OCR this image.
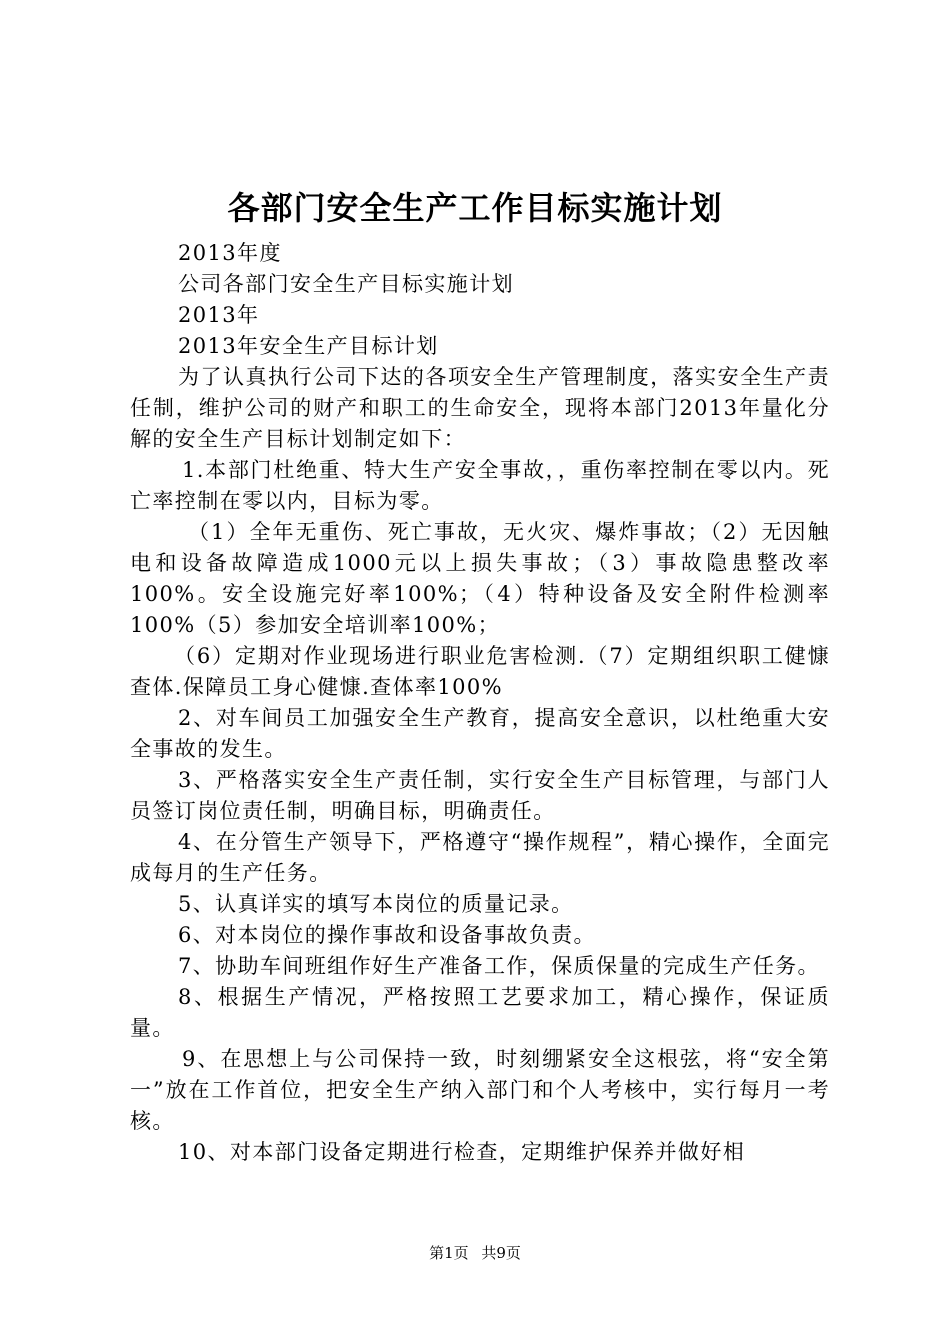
各部门安全生产工作目标实施计划

2013年度

公司各部门安全生产目标实施计划

2013年

2013年安全生产目标计划

为了认真执行公司下达的各项安全生产管理制度，落实安全生产责任制，维护公司的财产和职工的生命安全，现将本部门2013年量化分解的安全生产目标计划制定如下：

1.本部门杜绝重、特大生产安全事故，，重伤率控制在零以内。死亡率控制在零以内，目标为零。

（1）全年无重伤、死亡事故，无火灾、爆炸事故；（2）无因触电和设备故障造成1000元以上损失事故；（3）事故隐患整改率100%。安全设施完好率100%；（4）特种设备及安全附件检测率100%（5）参加安全培训率100%；

（6）定期对作业现场进行职业危害检测.（7）定期组织职工健慷查体.保障员工身心健慷.查体率100%

2、对车间员工加强安全生产教育，提高安全意识，以杜绝重大安全事故的发生。

3、严格落实安全生产责任制，实行安全生产目标管理，与部门人员签订岗位责任制，明确目标，明确责任。

4、在分管生产领导下，严格遵守“操作规程”，精心操作，全面完成每月的生产任务。

5、认真详实的填写本岗位的质量记录。

6、对本岗位的操作事故和设备事故负责。

7、协助车间班组作好生产准备工作，保质保量的完成生产任务。

8、根据生产情况，严格按照工艺要求加工，精心操作，保证质量。

9、在思想上与公司保持一致，时刻绷紧安全这根弦，将“安全第一”放在工作首位，把安全生产纳入部门和个人考核中，实行每月一考核。

10、对本部门设备定期进行检查，定期维护保养并做好相

第1页 共9页
